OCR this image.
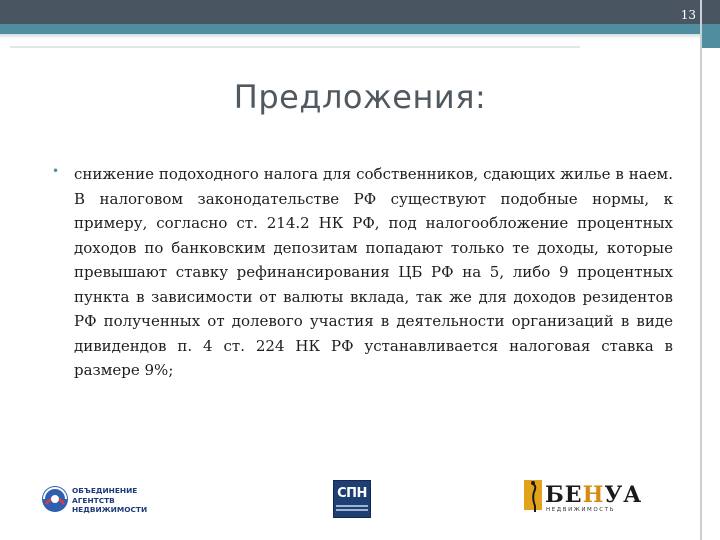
13
Предложения:
• снижение подоходного налога для собственников, сдающих жилье в наем. В налоговом законодательстве РФ существуют подобные нормы, к примеру, согласно ст. 214.2 НК РФ, под налогообложение процентных доходов по банковским депозитам попадают только те доходы, которые превышают ставку рефинансирования ЦБ РФ на 5, либо 9 процентных пункта в зависимости от валюты вклада, так же для доходов резидентов РФ полученных от долевого участия в деятельности организаций в виде дивидендов п. 4 ст. 224 НК РФ устанавливается налоговая ставка в размере 9%;
ОБЪЕДИНЕНИЕ
АГЕНТСТВ
НЕДВИЖИМОСТИ
СПН	БЕНУА
НЕДВИЖИМОСТЬ
